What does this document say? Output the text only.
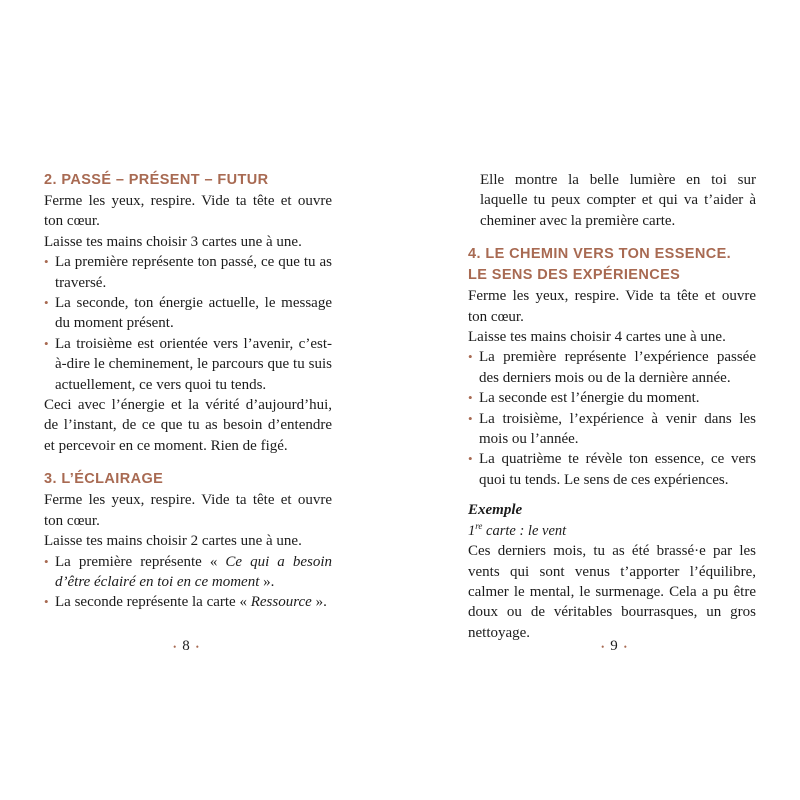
2. PASSÉ – PRÉSENT – FUTUR

Ferme les yeux, respire. Vide ta tête et ouvre ton cœur.

Laisse tes mains choisir 3 cartes une à une.

• La première représente ton passé, ce que tu as traversé.
• La seconde, ton énergie actuelle, le message du moment présent.
• La troisième est orientée vers l’avenir, c’est-à-dire le cheminement, le parcours que tu suis actuellement, ce vers quoi tu tends.

Ceci avec l’énergie et la vérité d’aujourd’hui, de l’instant, de ce que tu as besoin d’entendre et percevoir en ce moment. Rien de figé.

3. L’ÉCLAIRAGE

Ferme les yeux, respire. Vide ta tête et ouvre ton cœur.

Laisse tes mains choisir 2 cartes une à une.

• La première représente « Ce qui a besoin d’être éclairé en toi en ce moment ».
• La seconde représente la carte « Ressource ».
• 8 •

Elle montre la belle lumière en toi sur laquelle tu peux compter et qui va t’aider à cheminer avec la première carte.

4. LE CHEMIN VERS TON ESSENCE.
LE SENS DES EXPÉRIENCES

Ferme les yeux, respire. Vide ta tête et ouvre ton cœur.

Laisse tes mains choisir 4 cartes une à une.

• La première représente l’expérience passée des derniers mois ou de la dernière année.
• La seconde est l’énergie du moment.
• La troisième, l’expérience à venir dans les mois ou l’année.
• La quatrième te révèle ton essence, ce vers quoi tu tends. Le sens de ces expériences.

Exemple

1re carte : le vent

Ces derniers mois, tu as été brassé·e par les vents qui sont venus t’apporter l’équilibre, calmer le mental, le surmenage. Cela a pu être doux ou de véritables bourrasques, un gros nettoyage.

• 9 •
